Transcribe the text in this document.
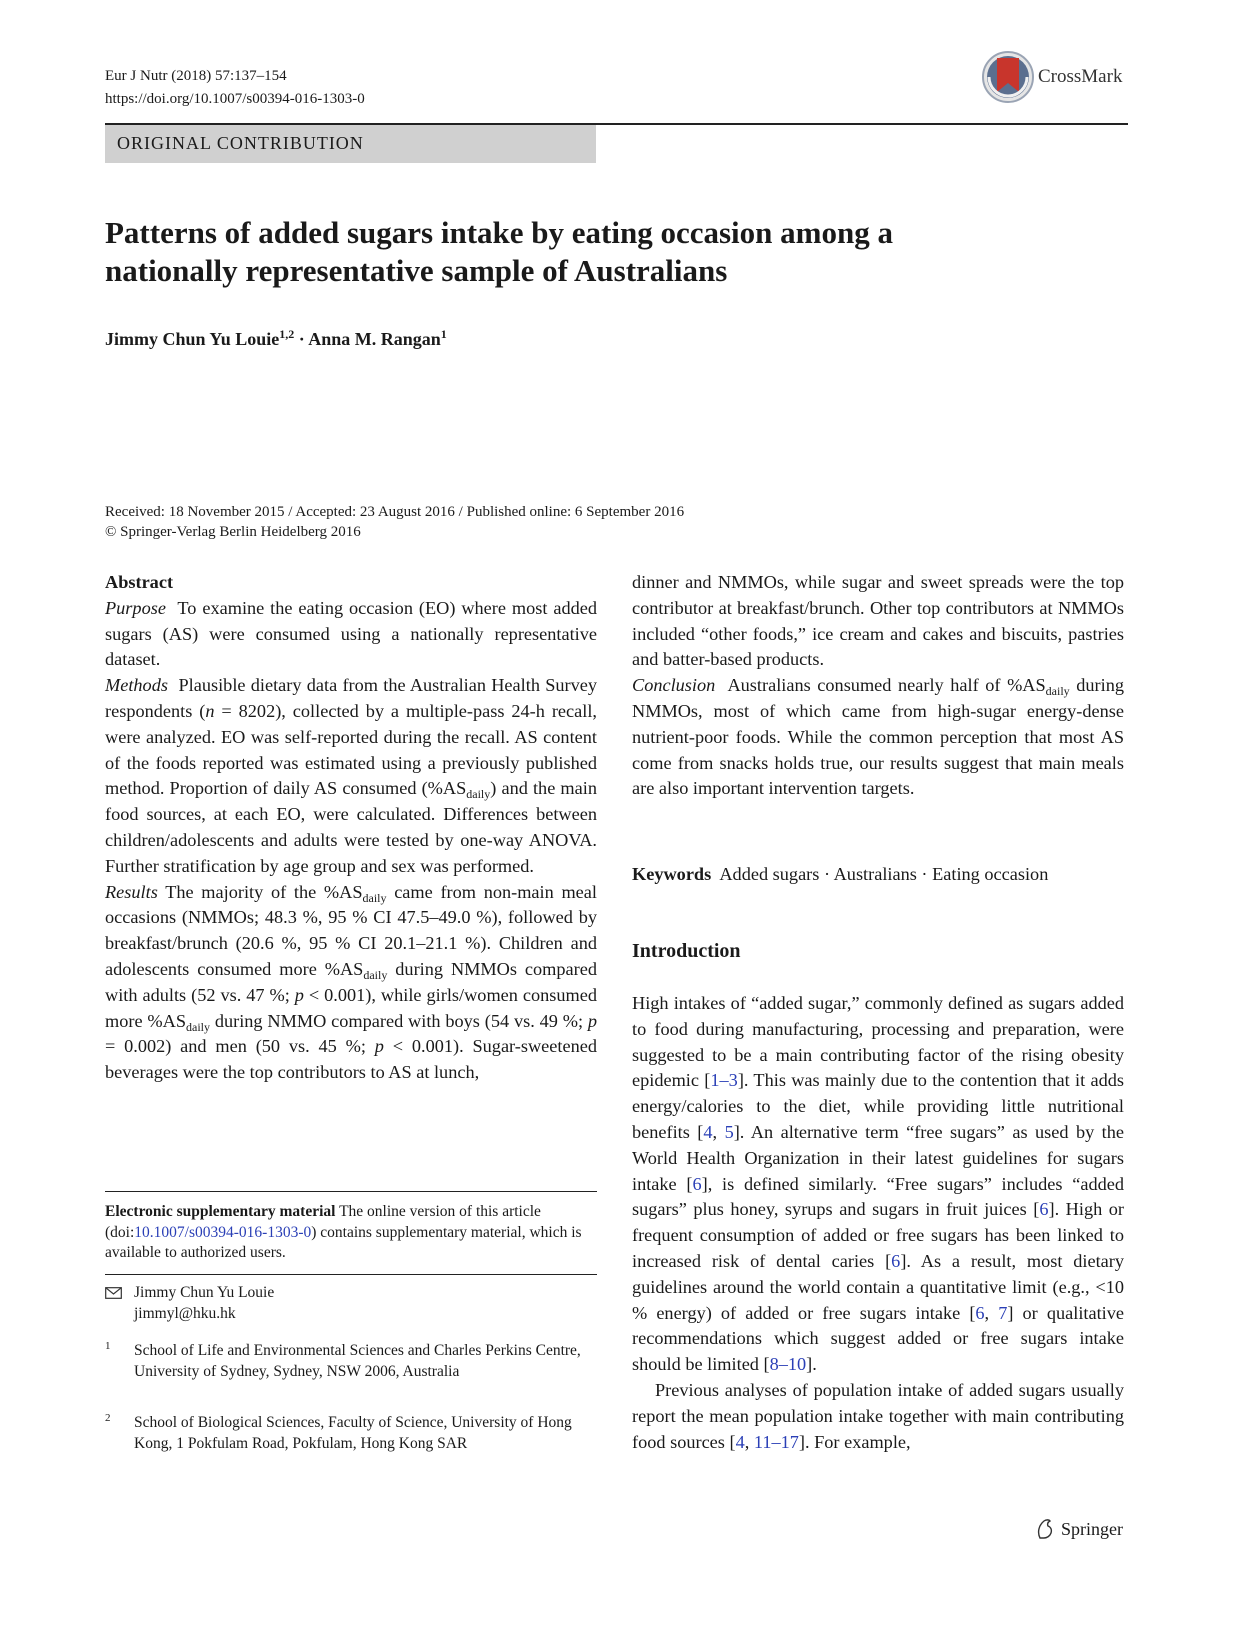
Eur J Nutr (2018) 57:137–154
https://doi.org/10.1007/s00394-016-1303-0
CrossMark
ORIGINAL CONTRIBUTION
Patterns of added sugars intake by eating occasion among a
nationally representative sample of Australians
Jimmy Chun Yu Louie$^{1,2}$ · Anna M. Rangan$^1$
Received: 18 November 2015 / Accepted: 23 August 2016 / Published online: 6 September 2016
© Springer-Verlag Berlin Heidelberg 2016

Abstract

Purpose To examine the eating occasion (EO) where most added sugars (AS) were consumed using a nationally representative dataset.

Methods Plausible dietary data from the Australian Health Survey respondents (n = 8202), collected by a multiple-pass 24-h recall, were analyzed. EO was self-reported during the recall. AS content of the foods reported was estimated using a previously published method. Proportion of daily AS consumed $(\%AS_{daily})$ and the main food sources, at each EO, were calculated. Differences between children/adolescents and adults were tested by one-way ANOVA. Further stratification by age group and sex was performed.

Results The majority of the $\%AS_{daily}$ came from non-main meal occasions (NMMOs; 48.3 %, 95 % CI 47.5–49.0 %), followed by breakfast/brunch (20.6 %, 95 % CI 20.1–21.1 %). Children and adolescents consumed more $\%AS_{daily}$ during NMMOs compared with adults (52 vs. 47 %; p < 0.001), while girls/women consumed more $\%AS_{daily}$ during NMMO compared with boys (54 vs. 49 %; p = 0.002) and men (50 vs. 45 %; p < 0.001). Sugar-sweetened beverages were the top contributors to AS at lunch,

Electronic supplementary material The online version of this article (doi:10.1007/s00394-016-1303-0) contains supplementary material, which is available to authorized users.
Jimmy Chun Yu Louie
jimmyl@hku.hk
1 School of Life and Environmental Sciences and Charles Perkins Centre, University of Sydney, Sydney, NSW 2006, Australia
2 School of Biological Sciences, Faculty of Science, University of Hong Kong, 1 Pokfulam Road, Pokfulam, Hong Kong SAR

dinner and NMMOs, while sugar and sweet spreads were the top contributor at breakfast/brunch. Other top contributors at NMMOs included “other foods,” ice cream and cakes and biscuits, pastries and batter-based products.

Conclusion Australians consumed nearly half of $\%AS_{daily}$ during NMMOs, most of which came from high-sugar energy-dense nutrient-poor foods. While the common perception that most AS come from snacks holds true, our results suggest that main meals are also important intervention targets.

Keywords Added sugars · Australians · Eating occasion
Introduction

High intakes of “added sugar,” commonly defined as sugars added to food during manufacturing, processing and preparation, were suggested to be a main contributing factor of the rising obesity epidemic [1–3]. This was mainly due to the contention that it adds energy/calories to the diet, while providing little nutritional benefits [4, 5]. An alternative term “free sugars” as used by the World Health Organization in their latest guidelines for sugars intake [6], is defined similarly. “Free sugars” includes “added sugars” plus honey, syrups and sugars in fruit juices [6]. High or frequent consumption of added or free sugars has been linked to increased risk of dental caries [6]. As a result, most dietary guidelines around the world contain a quantitative limit (e.g., <10 % energy) of added or free sugars intake [6, 7] or qualitative recommendations which suggest added or free sugars intake should be limited [8–10].

Previous analyses of population intake of added sugars usually report the mean population intake together with main contributing food sources [4, 11–17]. For example,

Springer
